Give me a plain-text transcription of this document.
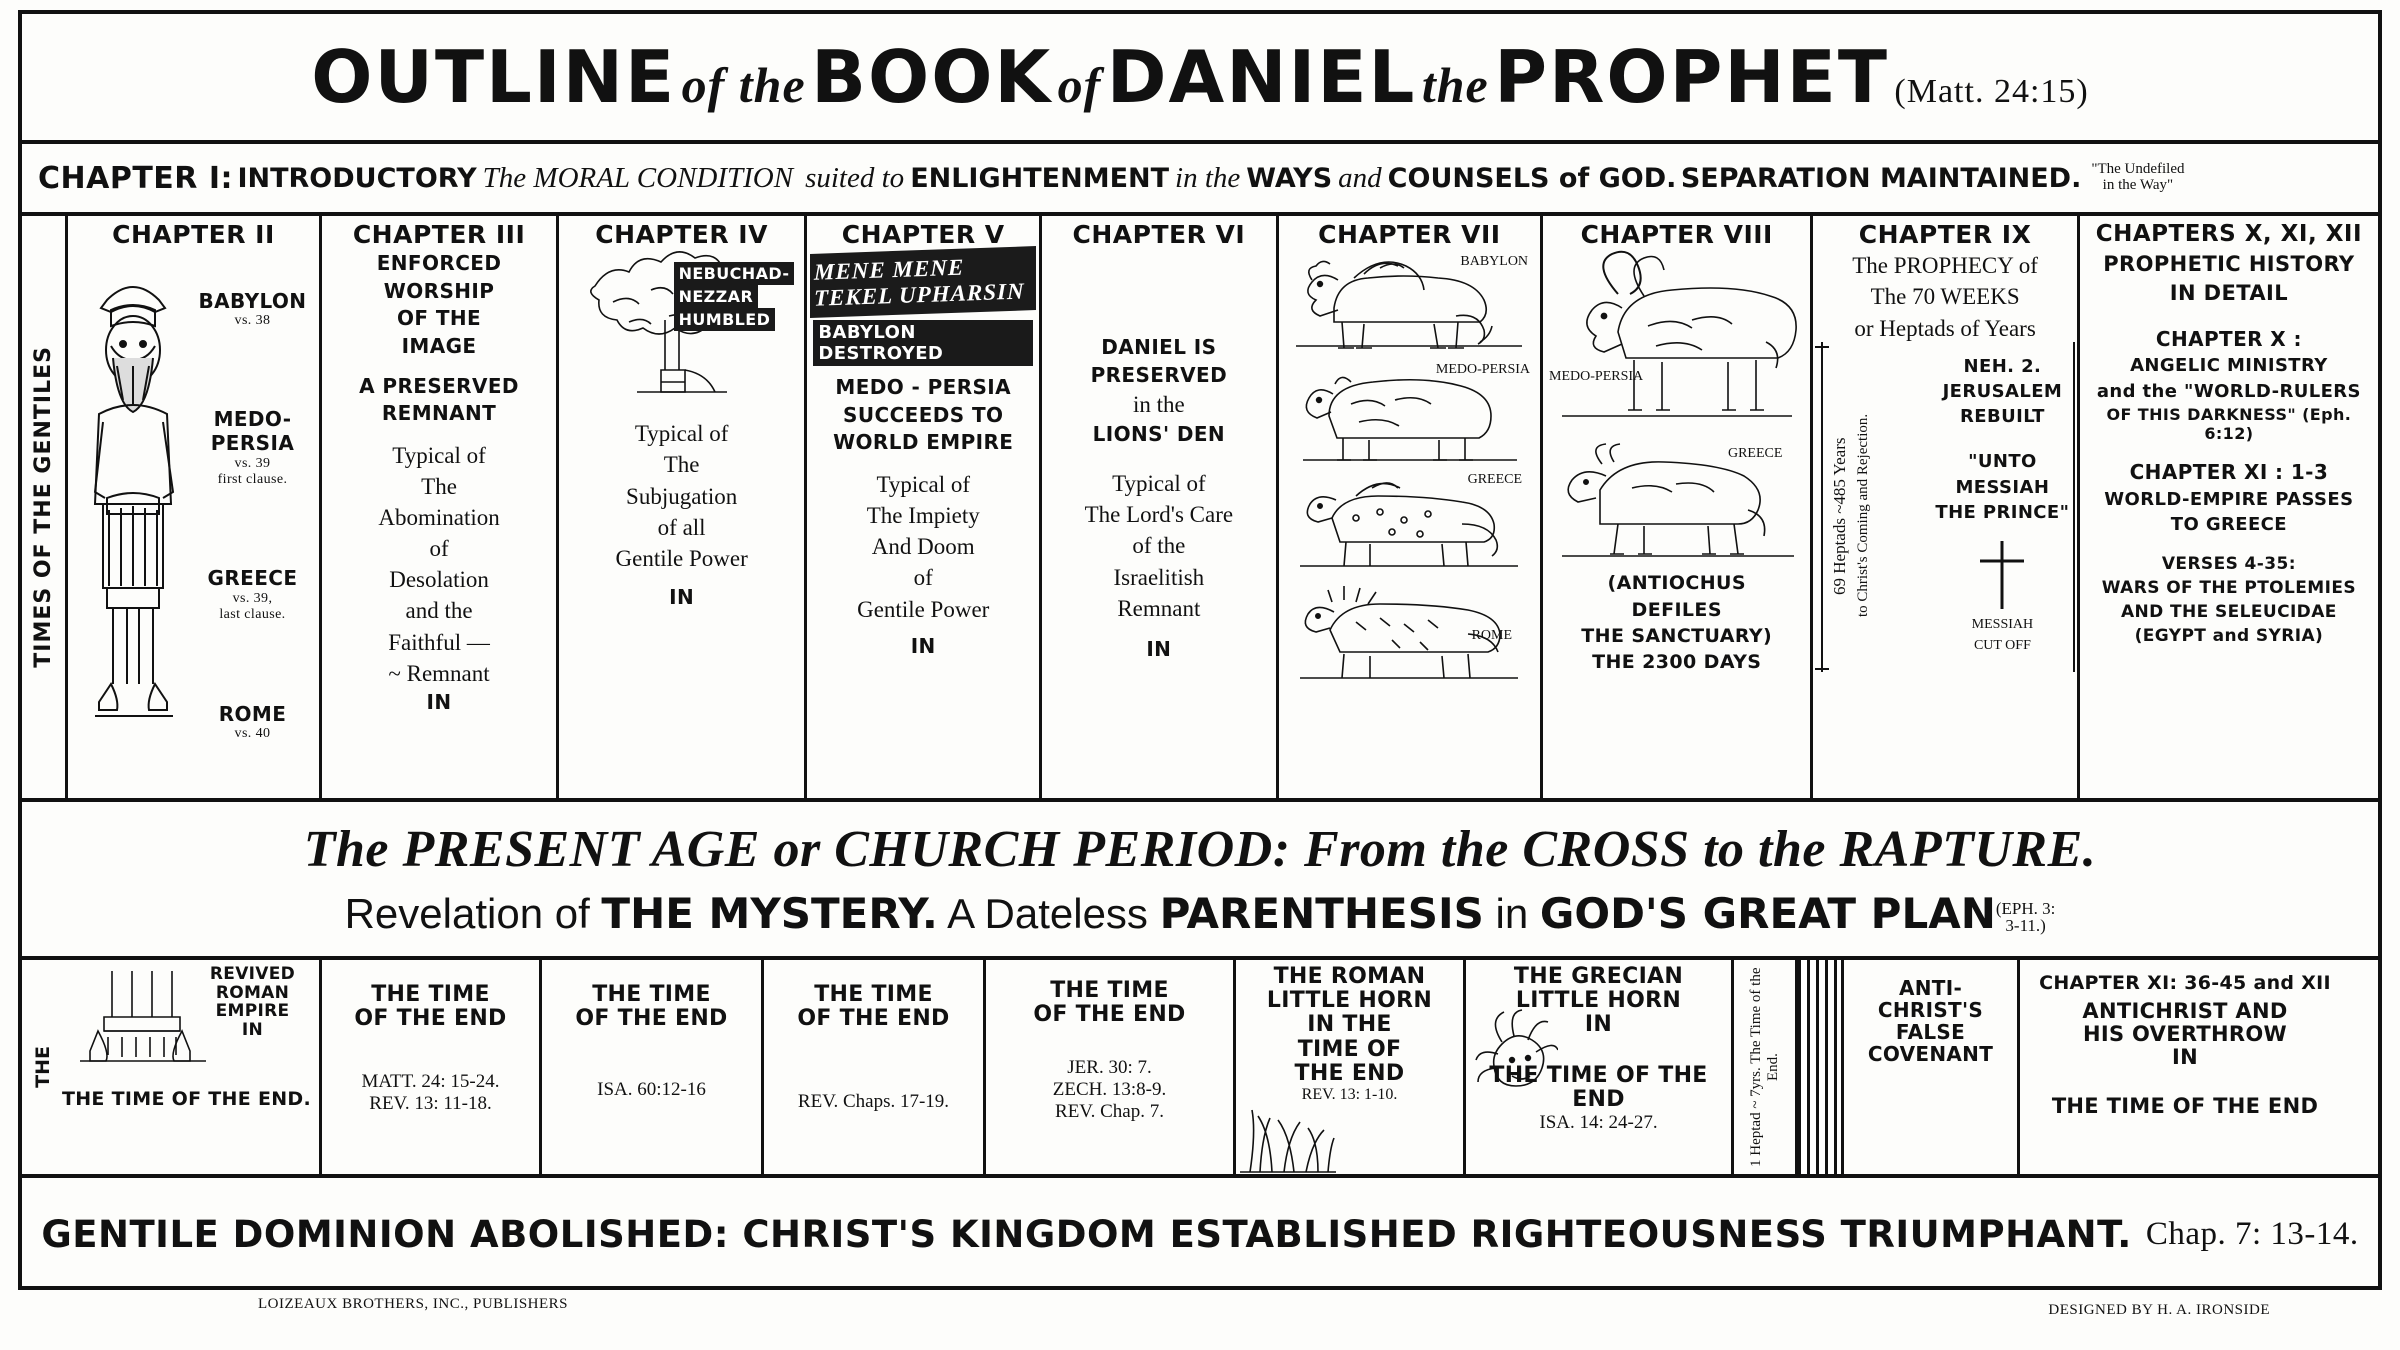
OUTLINE of the BOOK of DANIEL the PROPHET (Matt. 24:15)
CHAPTER I:
INTRODUCTORY The MORAL CONDITION suited to ENLIGHTENMENT in the WAYS and COUNSELS of GOD.
SEPARATION MAINTAINED. "The Undefiled
in the Way"
TIMES OF THE GENTILES
CHAPTER II
BABYLON
vs. 38
MEDO-PERSIA
vs. 39
first clause.
GREECE
vs. 39,
last clause.
ROME
vs. 40
CHAPTER III
ENFORCED
WORSHIP
OF THE
IMAGE
A PRESERVED
REMNANT
Typical of
The
Abomination
of
Desolation
and the
Faithful —
~ Remnant
IN
CHAPTER IV
NEBUCHAD-
NEZZAR
HUMBLED
Typical of
The
Subjugation
of all
Gentile Power
IN
CHAPTER V
MENE MENE
TEKEL UPHARSIN
BABYLON DESTROYED
MEDO - PERSIA
SUCCEEDS TO
WORLD EMPIRE
Typical of
The Impiety
And Doom
of
Gentile Power
IN
CHAPTER VI
DANIEL IS
PRESERVED
in the
LIONS' DEN
Typical of
The Lord's Care
of the
Israelitish
Remnant
IN
CHAPTER VII
BABYLON
MEDO-PERSIA
GREECE
ROME
CHAPTER VIII
MEDO-PERSIA
GREECE
(ANTIOCHUS
DEFILES
THE SANCTUARY)
THE 2300 DAYS
CHAPTER IX
The PROPHECY of
The 70 WEEKS
or Heptads of Years
69 Heptads ~485 Years to Christ's Coming and Rejection.
NEH. 2.
JERUSALEM
REBUILT
"UNTO
MESSIAH
THE PRINCE"
MESSIAH
CUT OFF
CHAPTERS X, XI, XII
PROPHETIC HISTORY
IN DETAIL
CHAPTER X :
ANGELIC MINISTRY
and the "WORLD-RULERS
OF THIS DARKNESS" (Eph. 6:12)
CHAPTER XI : 1-3
WORLD-EMPIRE PASSES
TO GREECE
VERSES 4-35:
WARS OF THE PTOLEMIES
AND THE SELEUCIDAE
(EGYPT and SYRIA)
The PRESENT AGE or CHURCH PERIOD: From the CROSS to the RAPTURE.
Revelation of THE MYSTERY. A Dateless PARENTHESIS in GOD'S GREAT PLAN(EPH. 3:
3-11.)
THE
REVIVED
ROMAN
EMPIRE
IN
THE TIME OF THE END.
THE TIME
OF THE END
MATT. 24: 15-24.
REV. 13: 11-18.
THE TIME
OF THE END
ISA. 60:12-16
THE TIME
OF THE END
REV. Chaps. 17-19.
THE TIME
OF THE END
JER. 30: 7.
ZECH. 13:8-9.
REV. Chap. 7.
THE ROMAN
LITTLE HORN
IN THE
TIME OF
THE END
REV. 13: 1-10.
THE GRECIAN
LITTLE HORN
IN
THE TIME OF THE END
ISA. 14: 24-27.	1 Heptad ~ 7yrs. The Time of the End.
ANTI-
CHRIST'S
FALSE
COVENANT
CHAPTER XI: 36-45 and XII
ANTICHRIST AND
HIS OVERTHROW
IN
THE TIME OF THE END
GENTILE DOMINION ABOLISHED: CHRIST'S KINGDOM ESTABLISHED RIGHTEOUSNESS TRIUMPHANT. Chap. 7: 13-14.
LOIZEAUX BROTHERS, INC., PUBLISHERS	DESIGNED BY H. A. IRONSIDE
